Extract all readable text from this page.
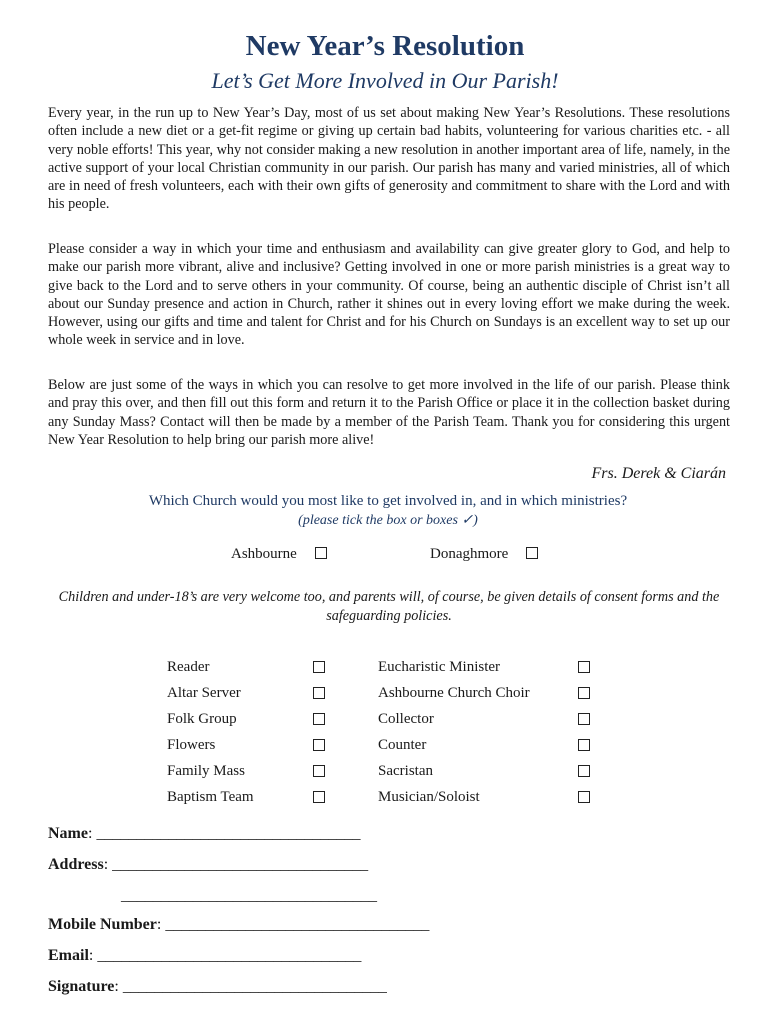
New Year’s Resolution
Let’s Get More Involved in Our Parish!
Every year, in the run up to New Year’s Day, most of us set about making New Year’s Resolutions. These resolutions often include a new diet or a get-fit regime or giving up certain bad habits, volunteering for various charities etc. - all very noble efforts! This year, why not consider making a new resolution in another important area of life, namely, in the active support of your local Christian community in our parish. Our parish has many and varied ministries, all of which are in need of fresh volunteers, each with their own gifts of generosity and commitment to share with the Lord and with his people.
Please consider a way in which your time and enthusiasm and availability can give greater glory to God, and help to make our parish more vibrant, alive and inclusive? Getting involved in one or more parish ministries is a great way to give back to the Lord and to serve others in your community. Of course, being an authentic disciple of Christ isn’t all about our Sunday presence and action in Church, rather it shines out in every loving effort we make during the week. However, using our gifts and time and talent for Christ and for his Church on Sundays is an excellent way to set up our whole week in service and in love.
Below are just some of the ways in which you can resolve to get more involved in the life of our parish. Please think and pray this over, and then fill out this form and return it to the Parish Office or place it in the collection basket during any Sunday Mass? Contact will then be made by a member of the Parish Team. Thank you for considering this urgent New Year Resolution to help bring our parish more alive!
Frs. Derek & Ciarán
Which Church would you most like to get involved in, and in which ministries?
(please tick the box or boxes ✓)
Ashbourne	Donaghmore
Children and under-18’s are very welcome too, and parents will, of course, be given details of consent forms and the safeguarding policies.
Reader
Altar Server
Folk Group
Flowers
Family Mass
Baptism Team
Eucharistic Minister
Ashbourne Church Choir
Collector
Counter
Sacristan
Musician/Soloist
Name: _________________________________
Address: ________________________________
________________________________
Mobile Number: _________________________________
Email: _________________________________
Signature: _________________________________
